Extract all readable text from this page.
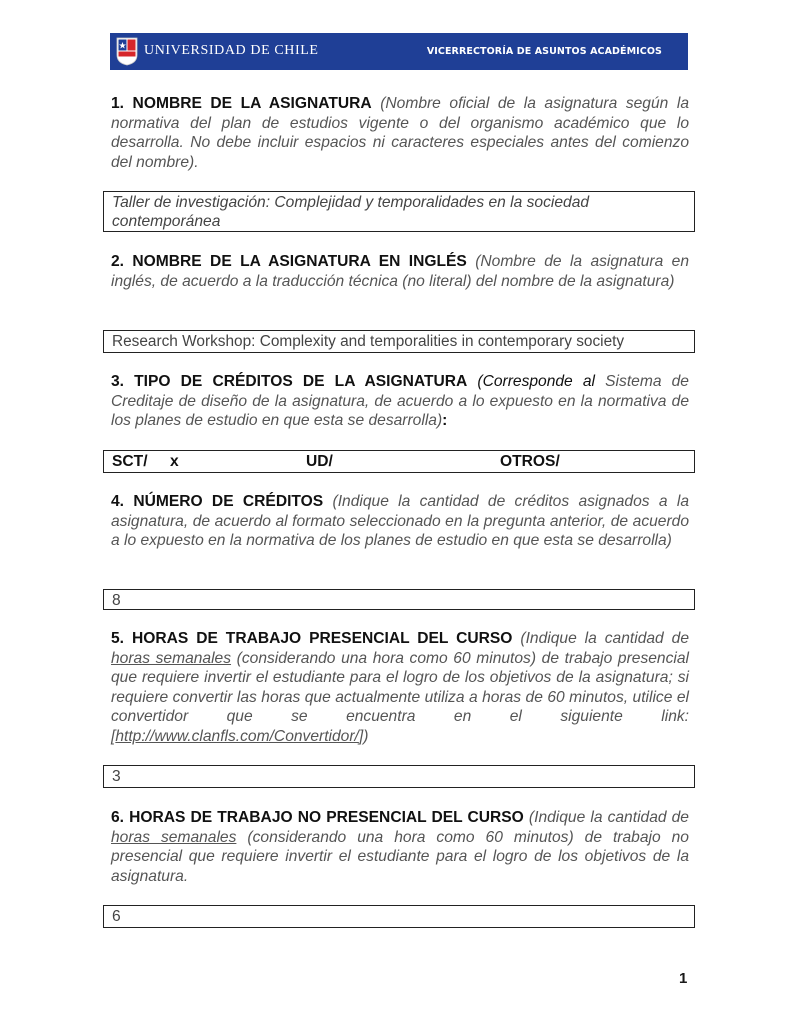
UNIVERSIDAD DE CHILE	VICERRECTORÍA DE ASUNTOS ACADÉMICOS
1. NOMBRE DE LA ASIGNATURA (Nombre oficial de la asignatura según la normativa del plan de estudios vigente o del organismo académico que lo desarrolla. No debe incluir espacios ni caracteres especiales antes del comienzo del nombre).
Taller de investigación: Complejidad y temporalidades en la sociedad contemporánea
2. NOMBRE DE LA ASIGNATURA EN INGLÉS (Nombre de la asignatura en inglés, de acuerdo a la traducción técnica (no literal) del nombre de la asignatura)
Research Workshop: Complexity and temporalities in contemporary society
3. TIPO DE CRÉDITOS DE LA ASIGNATURA (Corresponde al Sistema de Creditaje de diseño de la asignatura, de acuerdo a lo expuesto en la normativa de los planes de estudio en que esta se desarrolla):
SCT/ x	UD/	OTROS/
4. NÚMERO DE CRÉDITOS (Indique la cantidad de créditos asignados a la asignatura, de acuerdo al formato seleccionado en la pregunta anterior, de acuerdo a lo expuesto en la normativa de los planes de estudio en que esta se desarrolla)
8
5. HORAS DE TRABAJO PRESENCIAL DEL CURSO (Indique la cantidad de horas semanales (considerando una hora como 60 minutos) de trabajo presencial que requiere invertir el estudiante para el logro de los objetivos de la asignatura; si requiere convertir las horas que actualmente utiliza a horas de 60 minutos, utilice el convertidor que se encuentra en el siguiente link: [http://www.clanfls.com/Convertidor/])
3
6. HORAS DE TRABAJO NO PRESENCIAL DEL CURSO (Indique la cantidad de horas semanales (considerando una hora como 60 minutos) de trabajo no presencial que requiere invertir el estudiante para el logro de los objetivos de la asignatura.
6
1
